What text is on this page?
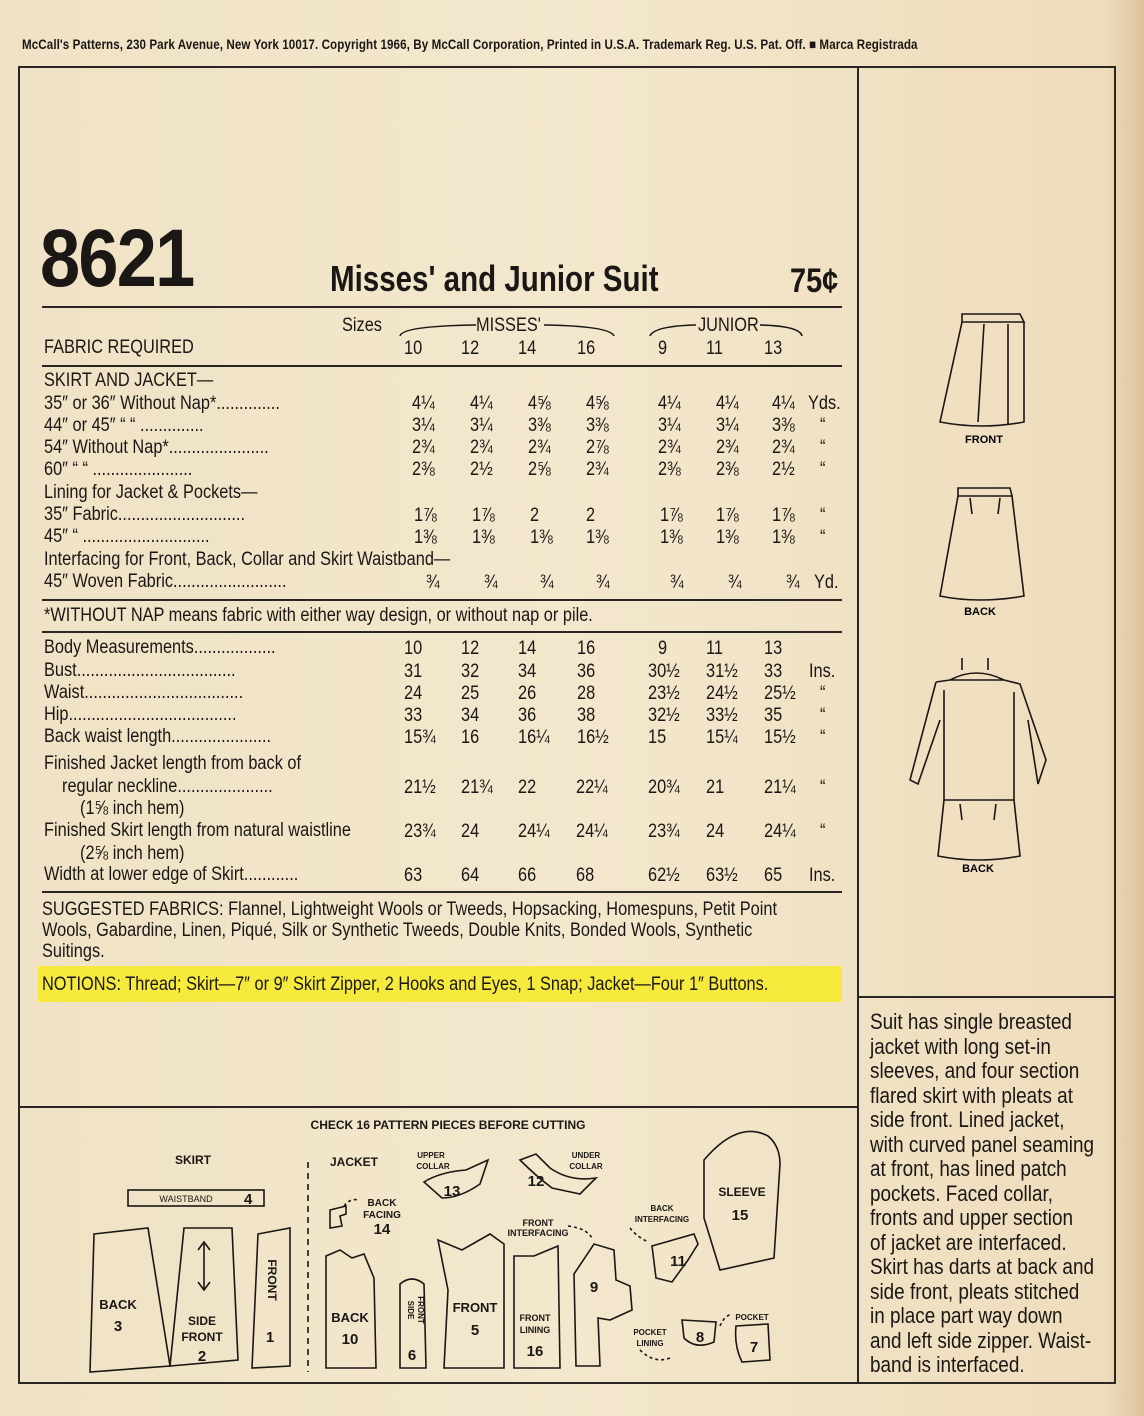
McCall's Patterns, 230 Park Avenue, New York 10017. Copyright 1966, By McCall Corporation, Printed in U.S.A. Trademark Reg. U.S. Pat. Off. ■ Marca Registrada
8621	Misses' and Junior Suit	75¢
Sizes	MISSES'	JUNIOR
FABRIC REQUIRED	10 12 14 16	9 11 13
SKIRT AND JACKET—
35″ or 36″ Without Nap*..............	4¼ 4¼ 4⅝ 4⅝	4¼ 4¼ 4¼ Yds.
44″ or 45″ “ “ ..............	3¼ 3¼ 3⅜ 3⅜	3¼ 3¼ 3⅜ “
54″ Without Nap*......................	2¾ 2¾ 2¾ 2⅞	2¾ 2¾ 2¾ “
60″ “ “ ......................	2⅜ 2½ 2⅝ 2¾	2⅜ 2⅜ 2½ “
Lining for Jacket & Pockets—
35″ Fabric............................	1⅞ 1⅞ 2 2	1⅞ 1⅞ 1⅞ “
45″ “ ............................	1⅜ 1⅜ 1⅜ 1⅜	1⅜ 1⅜ 1⅜ “
Interfacing for Front, Back, Collar and Skirt Waistband—
45″ Woven Fabric.........................	¾ ¾ ¾ ¾	¾ ¾ ¾ Yd.
*WITHOUT NAP means fabric with either way design, or without nap or pile.
Body Measurements..................	10 12 14 16	9 11 13
Bust...................................	31 32 34 36	30½ 31½ 33 Ins.
Waist...................................	24 25 26 28	23½ 24½ 25½ “
Hip.....................................	33 34 36 38	32½ 33½ 35 “
Back waist length......................	15¾ 16 16¼ 16½ 15 15¼ 15½ “
Finished Jacket length from back of
regular neckline.....................
(1⅝ inch hem)
21½ 21¾ 22 22¼ 20¾ 21 21¼ “
Finished Skirt length from natural waistline
(2⅝ inch hem)
23¾ 24 24¼ 24¼ 23¾ 24 24¼ “
Width at lower edge of Skirt............	63 64 66 68	62½ 63½ 65 Ins.
SUGGESTED FABRICS: Flannel, Lightweight Wools or Tweeds, Hopsacking, Homespuns, Petit Point
Wools, Gabardine, Linen, Piqué, Silk or Synthetic Tweeds, Double Knits, Bonded Wools, Synthetic
Suitings.
NOTIONS: Thread; Skirt—7″ or 9″ Skirt Zipper, 2 Hooks and Eyes, 1 Snap; Jacket—Four 1″ Buttons.
FRONT
BACK
BACK
Suit has single breasted
jacket with long set-in
sleeves, and four section
flared skirt with pleats at
side front. Lined jacket,
with curved panel seaming
at front, has lined patch
pockets. Faced collar,
fronts and upper section
of jacket are interfaced.
Skirt has darts at back and
side front, pleats stitched
in place part way down
and left side zipper. Waist-
band is interfaced.
CHECK 16 PATTERN PIECES BEFORE CUTTING
SKIRT	JACKET
WAISTBAND 4
BACK
3	SIDE
FRONT
2
FRONT
1
BACK
FACING
14
BACK
10
SIDE FRONT
6
FRONT
5
FRONT
LINING
16
FRONT
INTERFACING
9
UPPER
COLLAR
13
UNDER
COLLAR
12
BACK
INTERFACING
11
SLEEVE
15
POCKET
LINING 8
POCKET
7
